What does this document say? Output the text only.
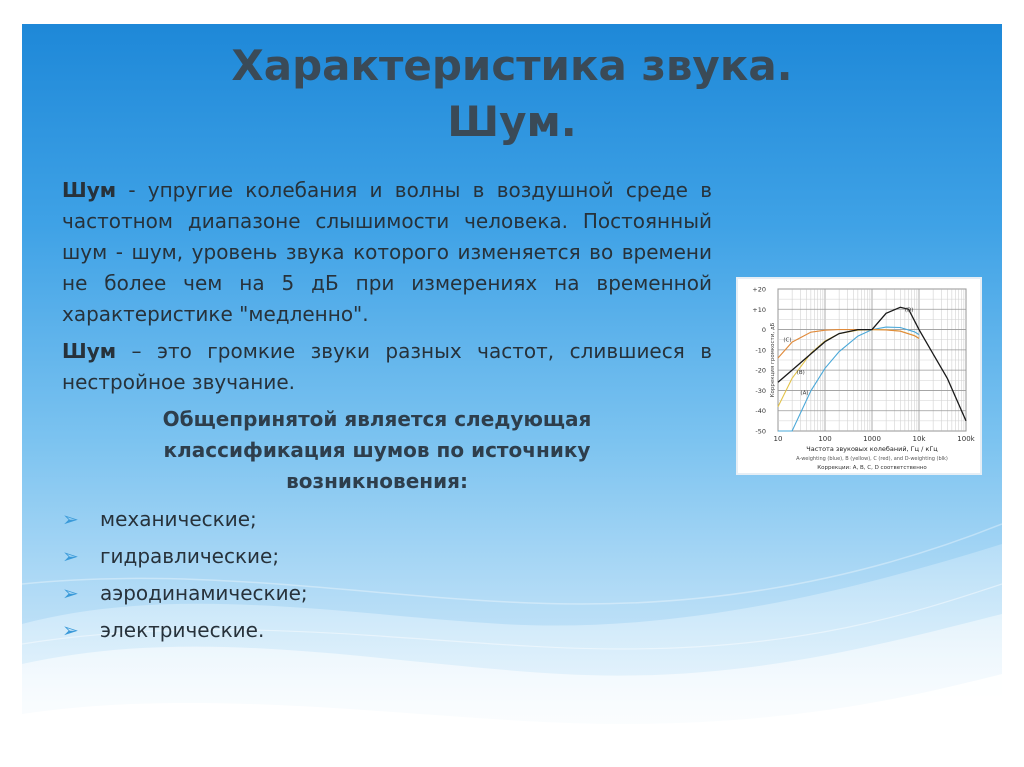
Характеристика звука.
Шум.

Шум - упругие колебания и волны в воздушной среде в частотном диапазоне слышимости человека. Постоянный шум - шум, уровень звука которого изменяется во времени не более чем на 5 дБ при измерениях на временной характеристике "медленно".

Шум – это громкие звуки разных частот, слившиеся в нестройное звучание.

Общепринятой является следующая классификация шумов по источнику возникновения:
➢ механические;
➢ гидравлические;
➢ аэродинамические;
➢ электрические.
10	100	1000	10k	100k
+20
+10
0
-10
-20
-30
-40
-50
Коррекция громкости, дБ
Частота звуковых колебаний, Гц / кГц
A-weighting (blue), B (yellow), C (red), and D-weighting (blk)
Коррекции: A, B, C, D соответственно
(A)
(B)
(C)
(D)
